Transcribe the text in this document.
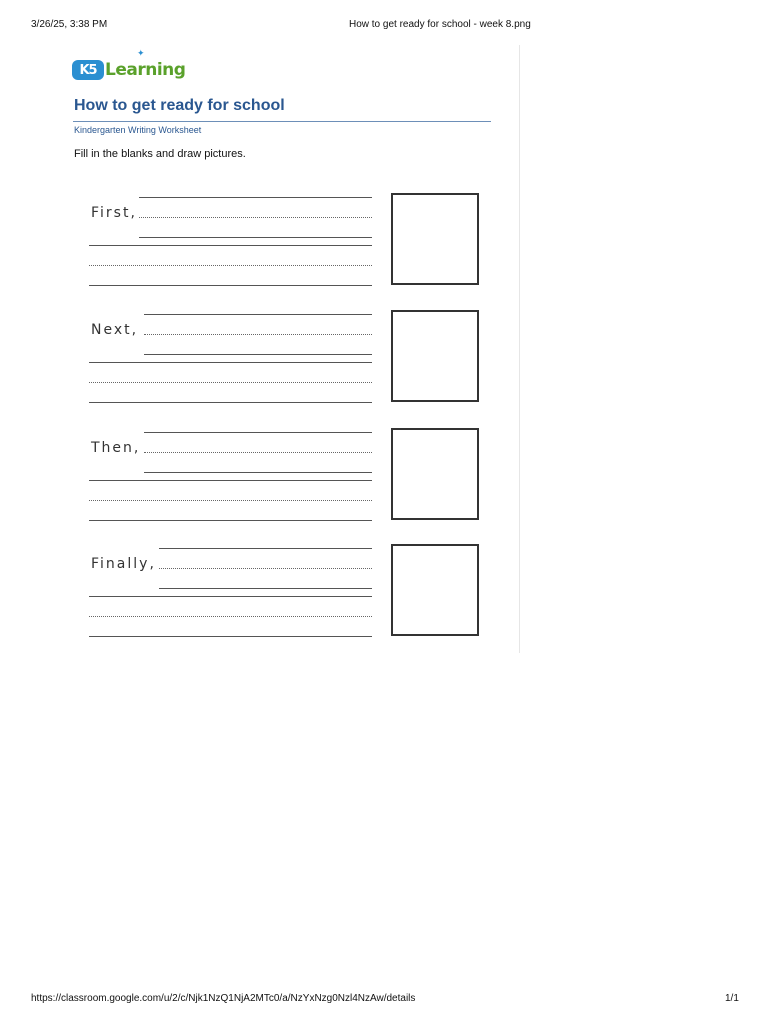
3/26/25, 3:38 PM	How to get ready for school - week 8.png
K5 Learning
✦
How to get ready for school
Kindergarten Writing Worksheet
Fill in the blanks and draw pictures.
First,
Next,
Then,
Finally,
https://classroom.google.com/u/2/c/Njk1NzQ1NjA2MTc0/a/NzYxNzg0Nzl4NzAw/details	1/1
